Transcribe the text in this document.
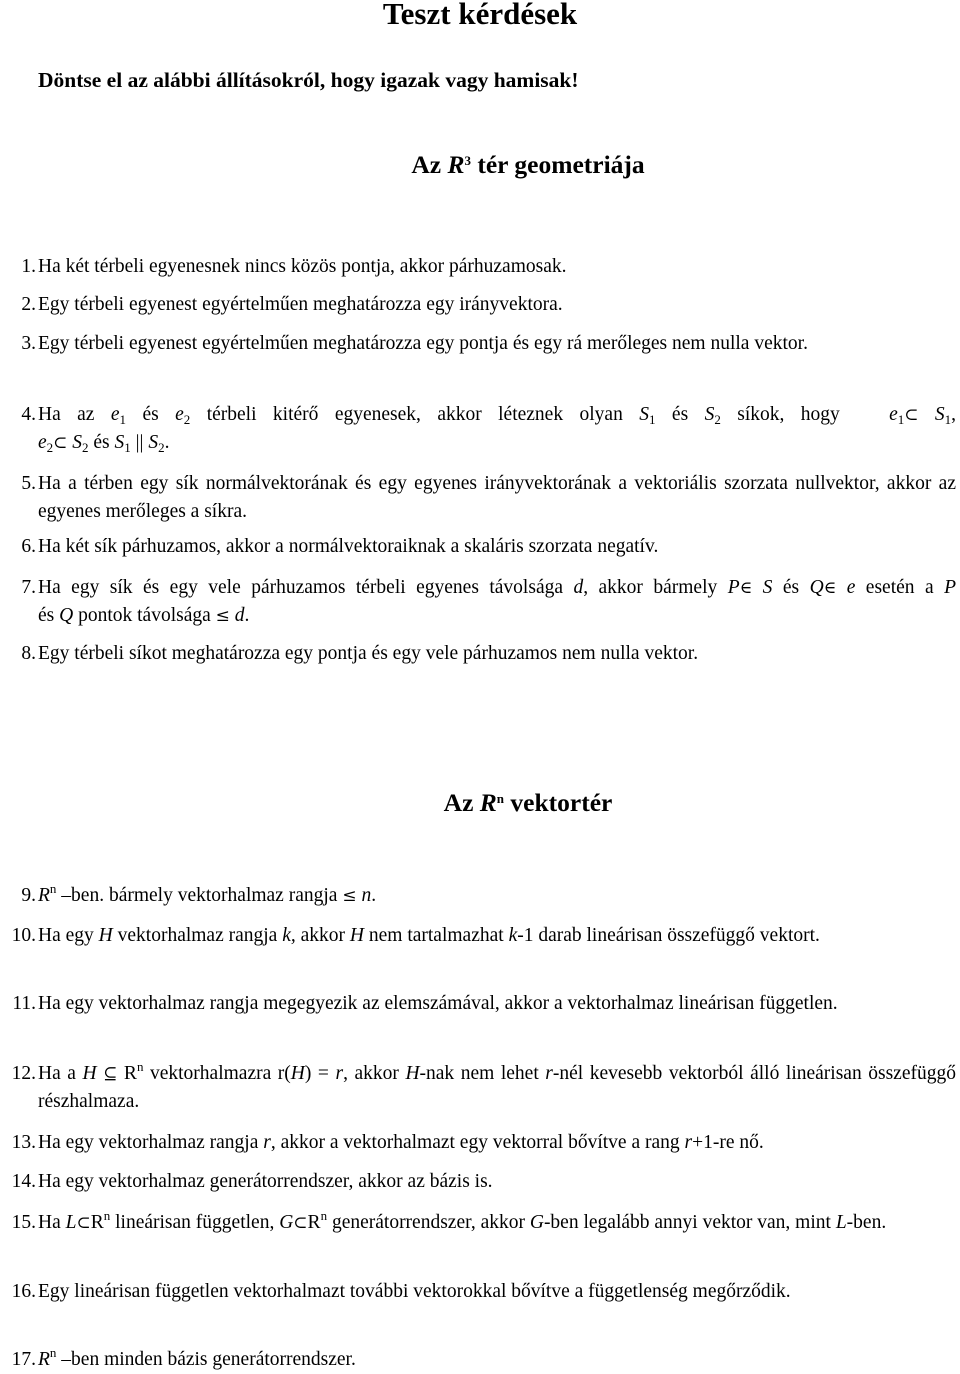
Teszt kérdések

Döntse el az alábbi állításokról, hogy igazak vagy hamisak!

Az $R^3$ tér geometriája
1. Ha két térbeli egyenesnek nincs közös pontja, akkor párhuzamosak.
2. Egy térbeli egyenest egyértelműen meghatározza egy irányvektora.
3. Egy térbeli egyenest egyértelműen meghatározza egy pontja és egy rá merőleges nem nulla vektor.
4. Ha az $e_1$ és $e_2$ térbeli kitérő egyenesek, akkor léteznek olyan $S_1$ és $S_2$ síkok, hogy   $e_1\subset$ $S_1$,
$e_2\subset$ $S_2$ és $S_1$ || $S_2$.
5. Ha a térben egy sík normálvektorának és egy egyenes irányvektorának a vektoriális szorzata nullvektor, akkor az egyenes merőleges a síkra.
6. Ha két sík párhuzamos, akkor a normálvektoraiknak a skaláris szorzata negatív.
7. Ha egy sík és egy vele párhuzamos térbeli egyenes távolsága d, akkor bármely P∈ S és Q∈ e esetén a P
és Q pontok távolsága ≤ d.
8. Egy térbeli síkot meghatározza egy pontja és egy vele párhuzamos nem nulla vektor.
Az $R^n$ vektortér
9. $R^n$ –ben. bármely vektorhalmaz rangja ≤ n.
10. Ha egy H vektorhalmaz rangja k, akkor H nem tartalmazhat k-1 darab lineárisan összefüggő vektort.
11. Ha egy vektorhalmaz rangja megegyezik az elemszámával, akkor a vektorhalmaz lineárisan független.
12. Ha a H ⊆ $R^n$ vektorhalmazra r(H) = r, akkor H-nak nem lehet r-nél kevesebb vektorból álló lineárisan összefüggő részhalmaza.
13. Ha egy vektorhalmaz rangja r, akkor a vektorhalmazt egy vektorral bővítve a rang r+1-re nő.
14. Ha egy vektorhalmaz generátorrendszer, akkor az bázis is.
15. Ha $L\subset R^n$ lineárisan független, $G\subset R^n$ generátorrendszer, akkor G-ben legalább annyi vektor van, mint L-ben.
16. Egy lineárisan független vektorhalmazt további vektorokkal bővítve a függetlenség megőrződik.
17. $R^n$ –ben minden bázis generátorrendszer.
